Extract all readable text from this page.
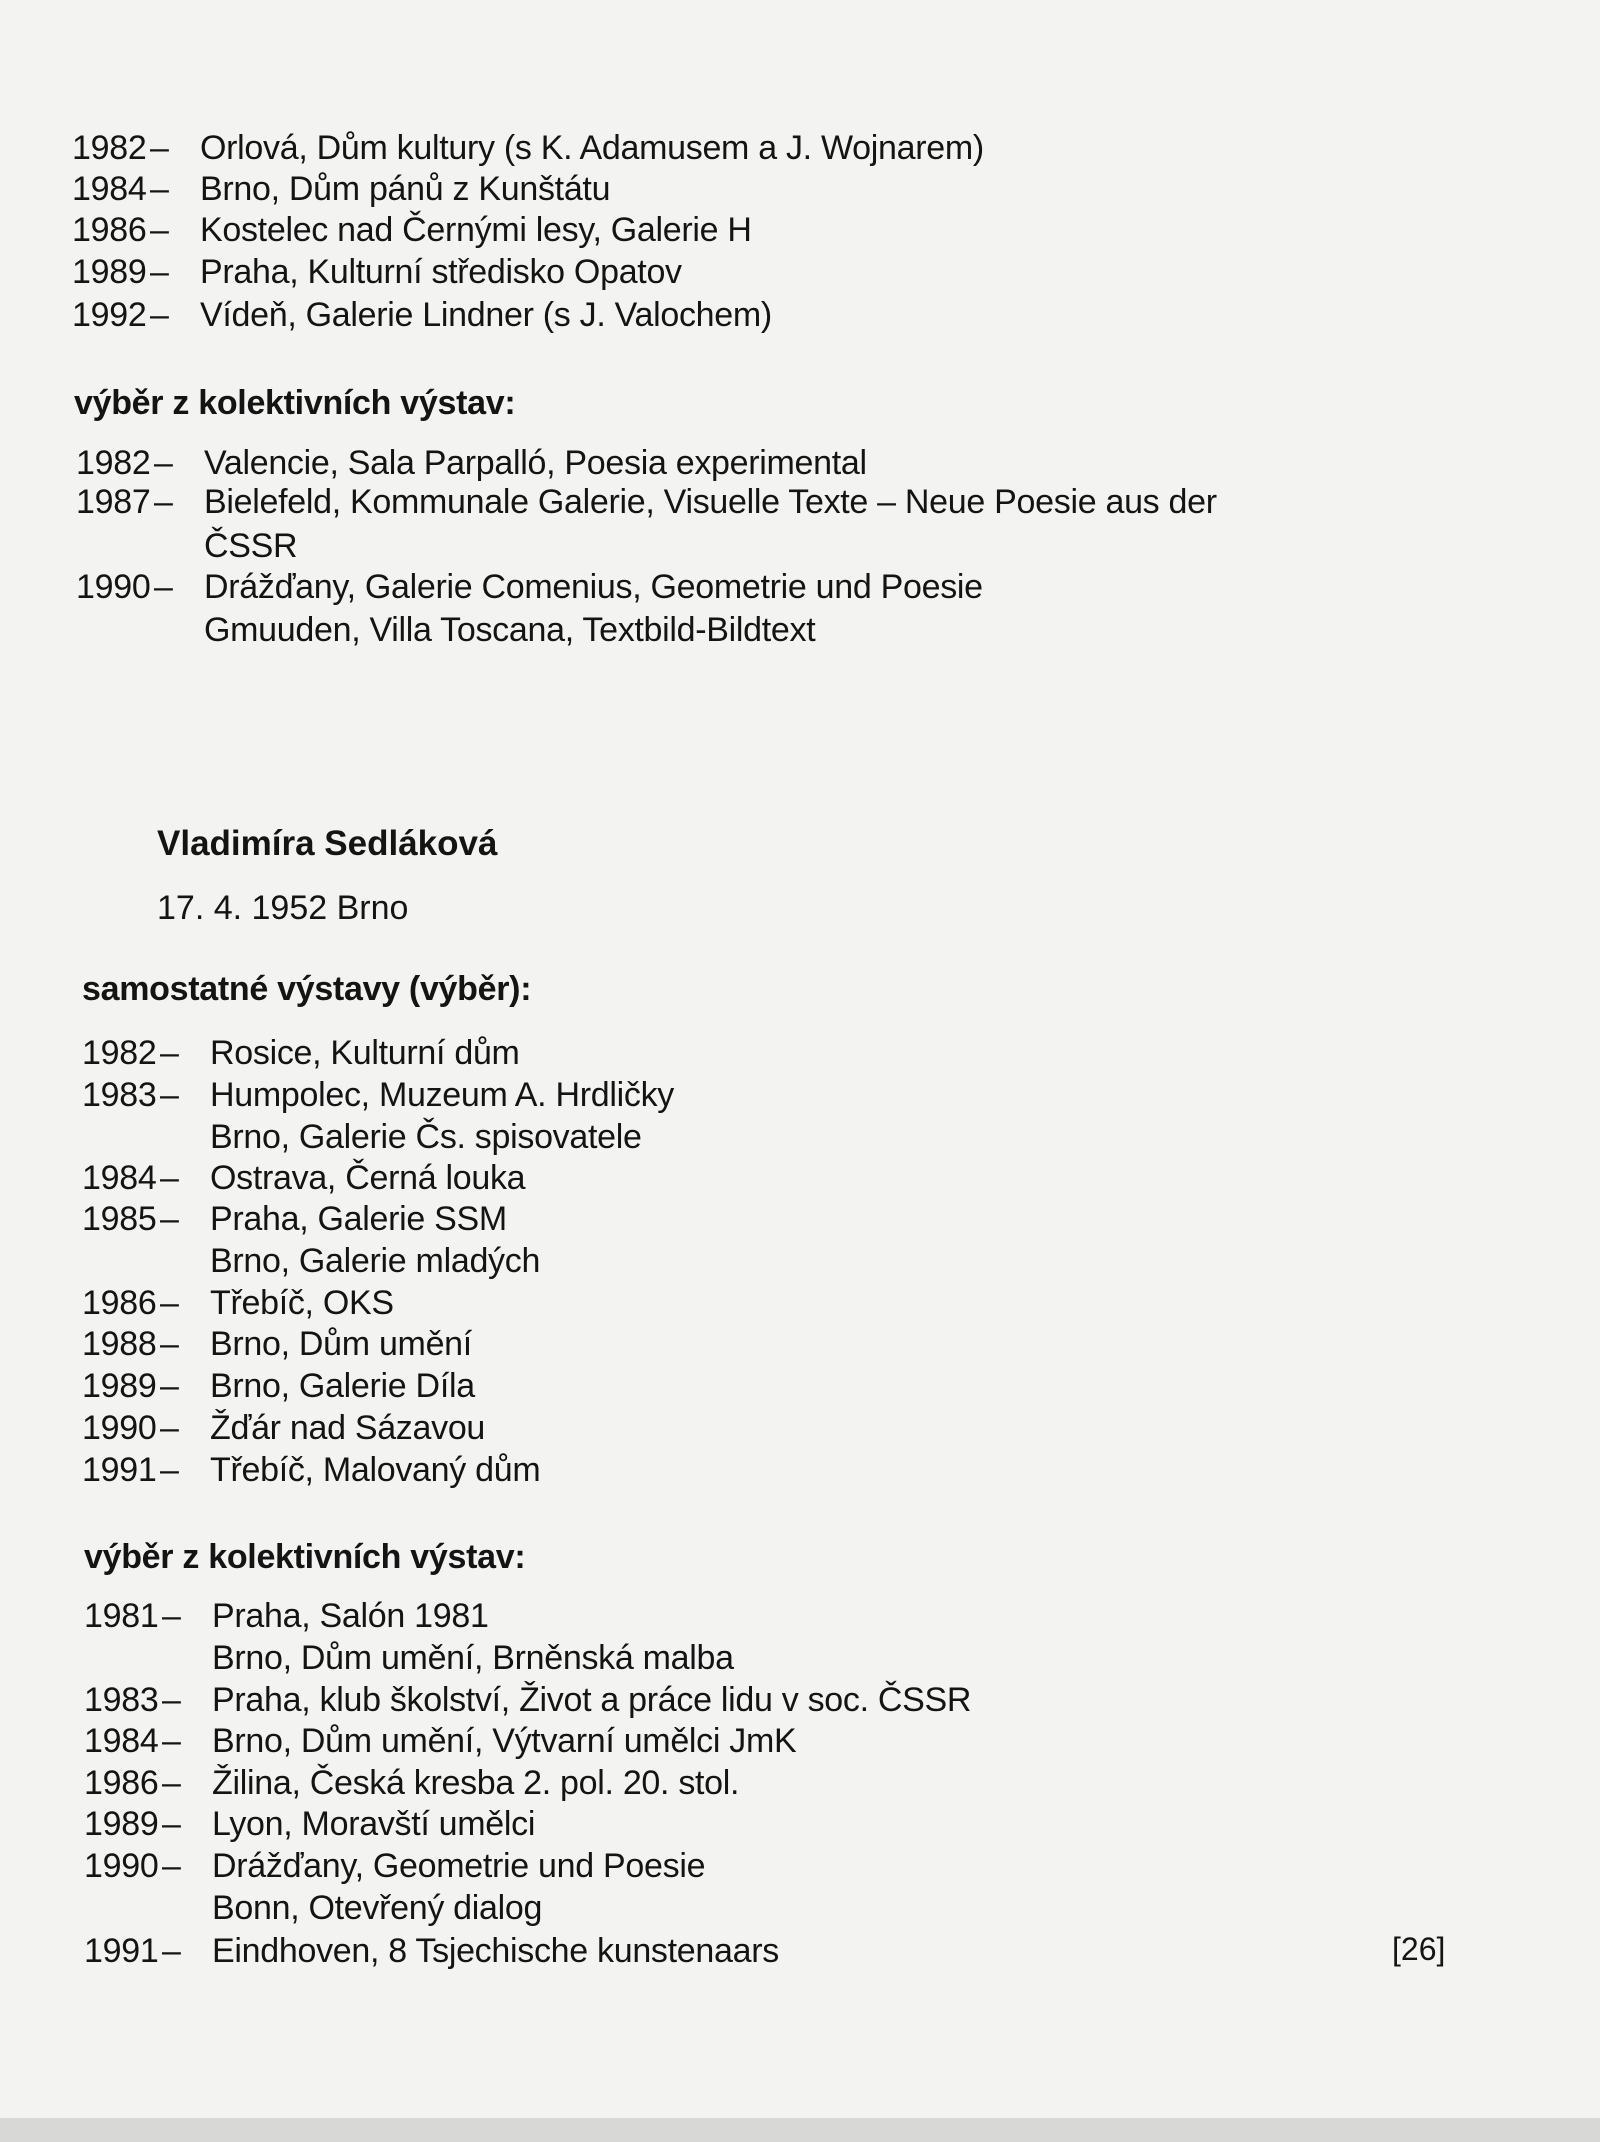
1982 – Orlová, Dům kultury (s K. Adamusem a J. Wojnarem)
1984 – Brno, Dům pánů z Kunštátu
1986 – Kostelec nad Černými lesy, Galerie H
1989 – Praha, Kulturní středisko Opatov
1992 – Vídeň, Galerie Lindner (s J. Valochem)
výběr z kolektivních výstav:
1982 – Valencie, Sala Parpalló, Poesia experimental
1987 – Bielefeld, Kommunale Galerie, Visuelle Texte – Neue Poesie aus der
ČSSR
1990 – Drážďany, Galerie Comenius, Geometrie und Poesie
Gmuuden, Villa Toscana, Textbild-Bildtext
Vladimíra Sedláková
17. 4. 1952 Brno
samostatné výstavy (výběr):
1982 – Rosice, Kulturní dům
1983 – Humpolec, Muzeum A. Hrdličky
Brno, Galerie Čs. spisovatele
1984 – Ostrava, Černá louka
1985 – Praha, Galerie SSM
Brno, Galerie mladých
1986 – Třebíč, OKS
1988 – Brno, Dům umění
1989 – Brno, Galerie Díla
1990 – Žďár nad Sázavou
1991 – Třebíč, Malovaný dům
výběr z kolektivních výstav:
1981 – Praha, Salón 1981
Brno, Dům umění, Brněnská malba
1983 – Praha, klub školství, Život a práce lidu v soc. ČSSR
1984 – Brno, Dům umění, Výtvarní umělci JmK
1986 – Žilina, Česká kresba 2. pol. 20. stol.
1989 – Lyon, Moravští umělci
1990 – Drážďany, Geometrie und Poesie
Bonn, Otevřený dialog
1991 – Eindhoven, 8 Tsjechische kunstenaars	[26]
